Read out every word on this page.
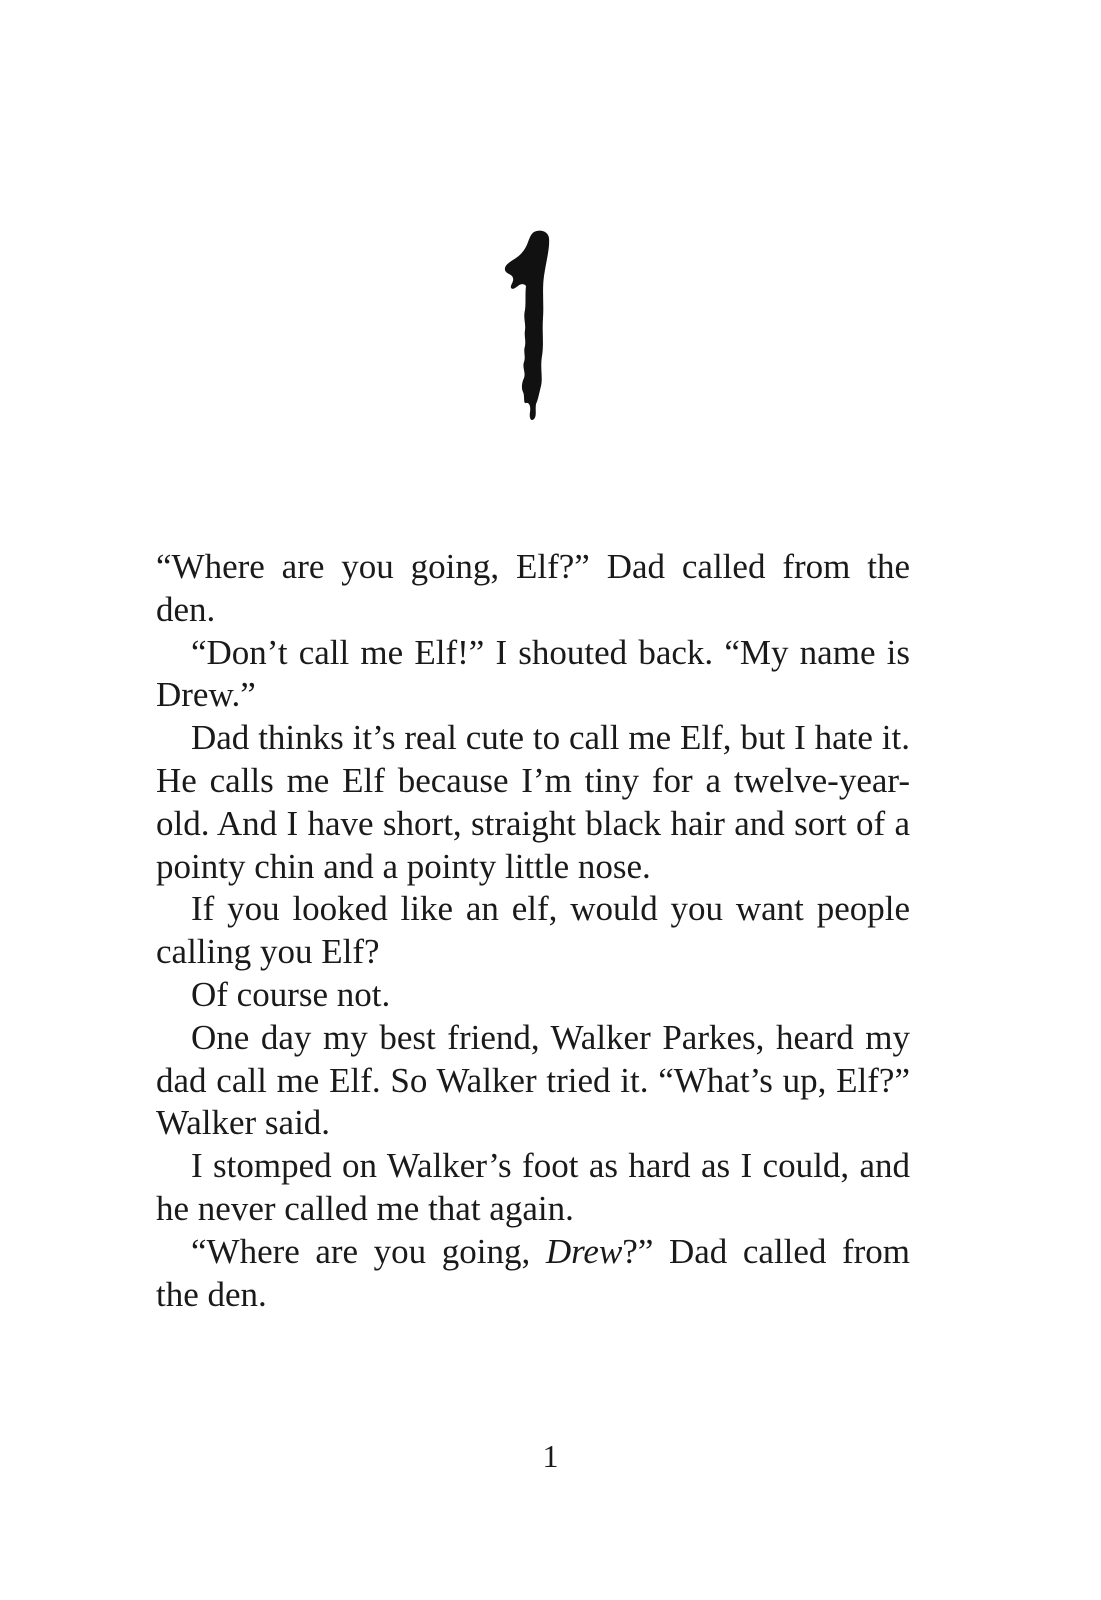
“Where are you going, Elf?” Dad called from the den.

“Don’t call me Elf!” I shouted back. “My name is Drew.”

Dad thinks it’s real cute to call me Elf, but I hate it. He calls me Elf because I’m tiny for a twelve-year-old. And I have short, straight black hair and sort of a pointy chin and a pointy little nose.

If you looked like an elf, would you want people calling you Elf?

Of course not.

One day my best friend, Walker Parkes, heard my dad call me Elf. So Walker tried it. “What’s up, Elf?” Walker said.

I stomped on Walker’s foot as hard as I could, and he never called me that again.

“Where are you going, Drew?” Dad called from the den.

1
